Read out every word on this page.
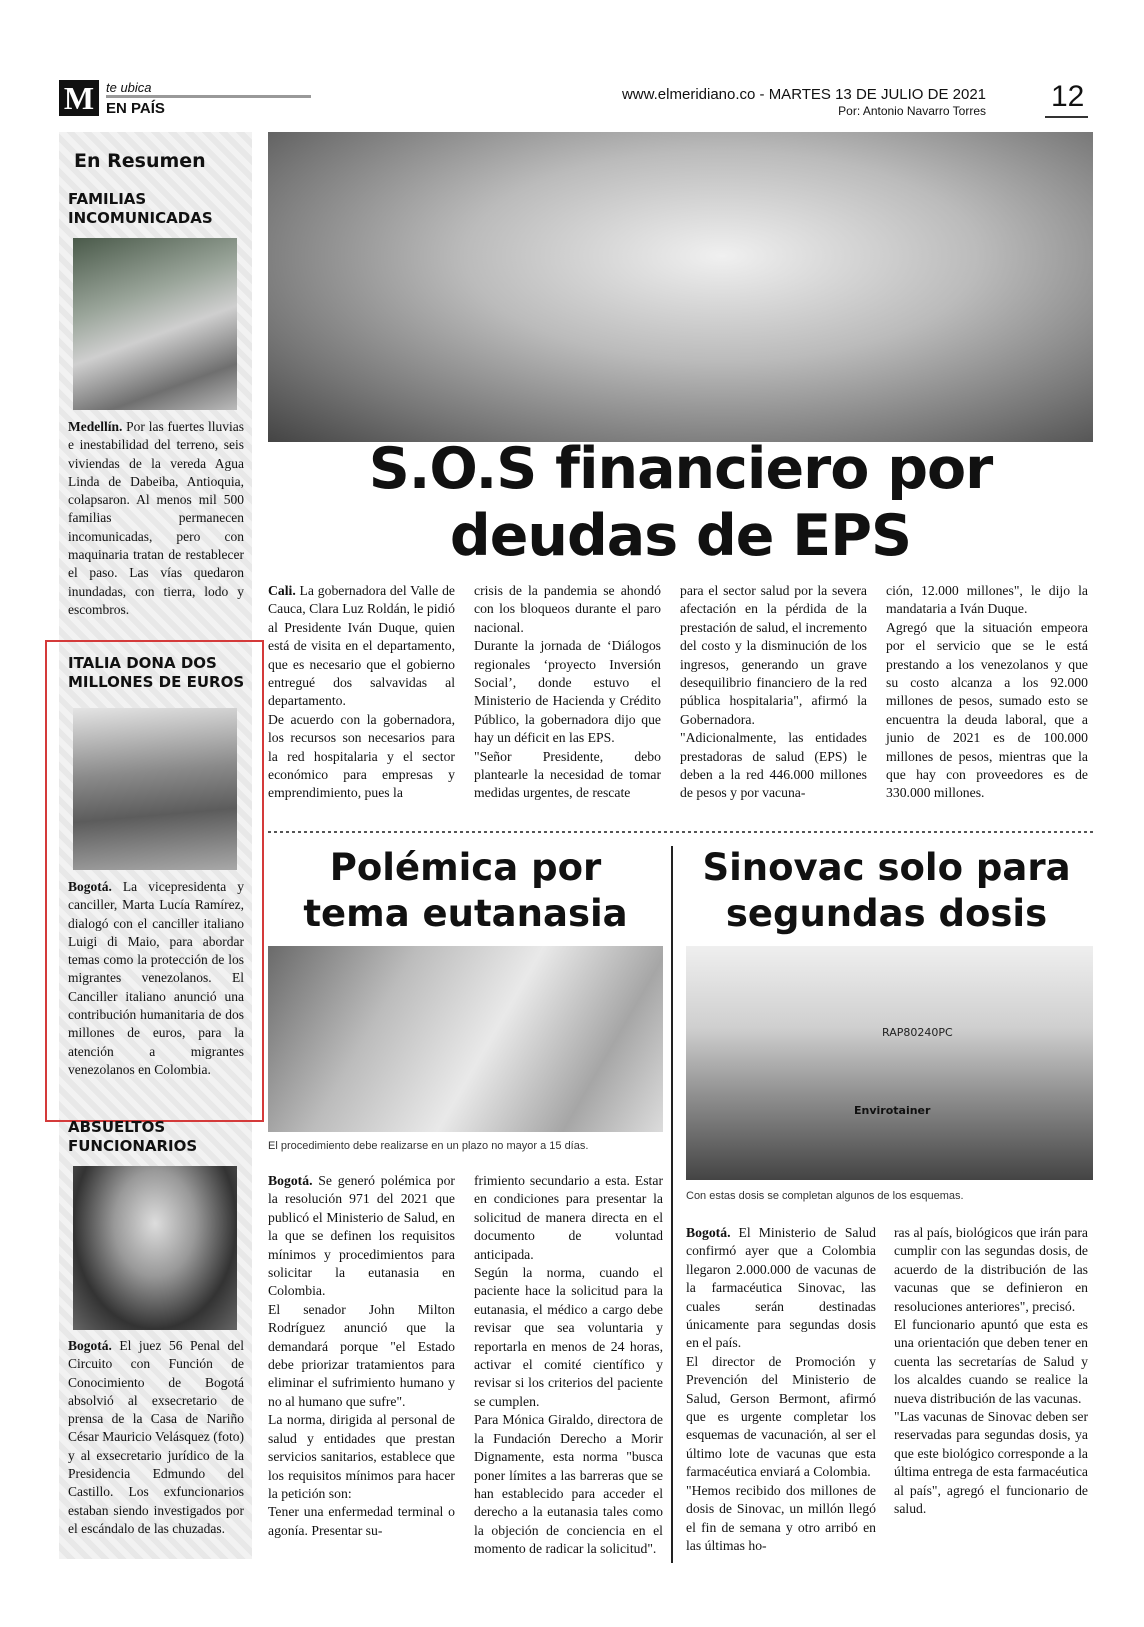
M te ubica
EN PAÍS
www.elmeridiano.co - MARTES 13 DE JULIO DE 2021
Por: Antonio Navarro Torres 12
En Resumen
FAMILIAS INCOMUNICADAS
Medellín. Por las fuertes lluvias e inestabilidad del terreno, seis viviendas de la vereda Agua Linda de Dabeiba, Antioquia, colapsaron. Al menos mil 500 familias permanecen incomunicadas, pero con maquinaria tratan de restablecer el paso. Las vías quedaron inundadas, con tierra, lodo y escombros.
ITALIA DONA DOS MILLONES DE EUROS
Bogotá. La vicepresidenta y canciller, Marta Lucía Ramírez, dialogó con el canciller italiano Luigi di Maio, para abordar temas como la protección de los migrantes venezolanos. El Canciller italiano anunció una contribución humanitaria de dos millones de euros, para la atención a migrantes venezolanos en Colombia.
ABSUELTOS FUNCIONARIOS
Bogotá. El juez 56 Penal del Circuito con Función de Conocimiento de Bogotá absolvió al exsecretario de prensa de la Casa de Nariño César Mauricio Velásquez (foto) y al exsecretario jurídico de la Presidencia Edmundo del Castillo. Los exfuncionarios estaban siendo investigados por el escándalo de las chuzadas.
S.O.S financiero por
deudas de EPS
Cali. La gobernadora del Valle de Cauca, Clara Luz Roldán, le pidió al Presidente Iván Duque, quien está de visita en el departamento, que es necesario que el gobierno entregué dos salvavidas al departamento.
De acuerdo con la gobernadora, los recursos son necesarios para la red hospitalaria y el sector económico para empresas y emprendimiento, pues la
crisis de la pandemia se ahondó con los bloqueos durante el paro nacional.
Durante la jornada de ‘Diálogos regionales ‘proyecto Inversión Social’, donde estuvo el Ministerio de Hacienda y Crédito Público, la gobernadora dijo que hay un déficit en las EPS.
"Señor Presidente, debo plantearle la necesidad de tomar medidas urgentes, de rescate
para el sector salud por la severa afectación en la pérdida de la prestación de salud, el incremento del costo y la disminución de los ingresos, generando un grave desequilibrio financiero de la red pública hospitalaria", afirmó la Gobernadora.
"Adicionalmente, las entidades prestadoras de salud (EPS) le deben a la red 446.000 millones de pesos y por vacuna-
ción, 12.000 millones", le dijo la mandataria a Iván Duque.
Agregó que la situación empeora por el servicio que se le está prestando a los venezolanos y que su costo alcanza a los 92.000 millones de pesos, sumado esto se encuentra la deuda laboral, que a junio de 2021 es de 100.000 millones de pesos, mientras que la que hay con proveedores es de 330.000 millones.
Polémica por
tema eutanasia
El procedimiento debe realizarse en un plazo no mayor a 15 días.
Bogotá. Se generó polémica por la resolución 971 del 2021 que publicó el Ministerio de Salud, en la que se definen los requisitos mínimos y procedimientos para solicitar la eutanasia en Colombia.
El senador John Milton Rodríguez anunció que la demandará porque "el Estado debe priorizar tratamientos para eliminar el sufrimiento humano y no al humano que sufre".
La norma, dirigida al personal de salud y entidades que prestan servicios sanitarios, establece que los requisitos mínimos para hacer la petición son:
Tener una enfermedad terminal o agonía. Presentar su-
frimiento secundario a esta. Estar en condiciones para presentar la solicitud de manera directa en el documento de voluntad anticipada.
Según la norma, cuando el paciente hace la solicitud para la eutanasia, el médico a cargo debe revisar que sea voluntaria y reportarla en menos de 24 horas, activar el comité científico y revisar si los criterios del paciente se cumplen.
Para Mónica Giraldo, directora de la Fundación Derecho a Morir Dignamente, esta norma "busca poner límites a las barreras que se han establecido para acceder el derecho a la eutanasia tales como la objeción de conciencia en el momento de radicar la solicitud".
Sinovac solo para
segundas dosis
RAP80240PC
Envirotainer
Con estas dosis se completan algunos de los esquemas.
Bogotá. El Ministerio de Salud confirmó ayer que a Colombia llegaron 2.000.000 de vacunas de la farmacéutica Sinovac, las cuales serán destinadas únicamente para segundas dosis en el país.
El director de Promoción y Prevención del Ministerio de Salud, Gerson Bermont, afirmó que es urgente completar los esquemas de vacunación, al ser el último lote de vacunas que esta farmacéutica enviará a Colombia.
"Hemos recibido dos millones de dosis de Sinovac, un millón llegó el fin de semana y otro arribó en las últimas ho-
ras al país, biológicos que irán para cumplir con las segundas dosis, de acuerdo de la distribución de las vacunas que se definieron en resoluciones anteriores", precisó.
El funcionario apuntó que esta es una orientación que deben tener en cuenta las secretarías de Salud y los alcaldes cuando se realice la nueva distribución de las vacunas.
"Las vacunas de Sinovac deben ser reservadas para segundas dosis, ya que este biológico corresponde a la última entrega de esta farmacéutica al país", agregó el funcionario de salud.
